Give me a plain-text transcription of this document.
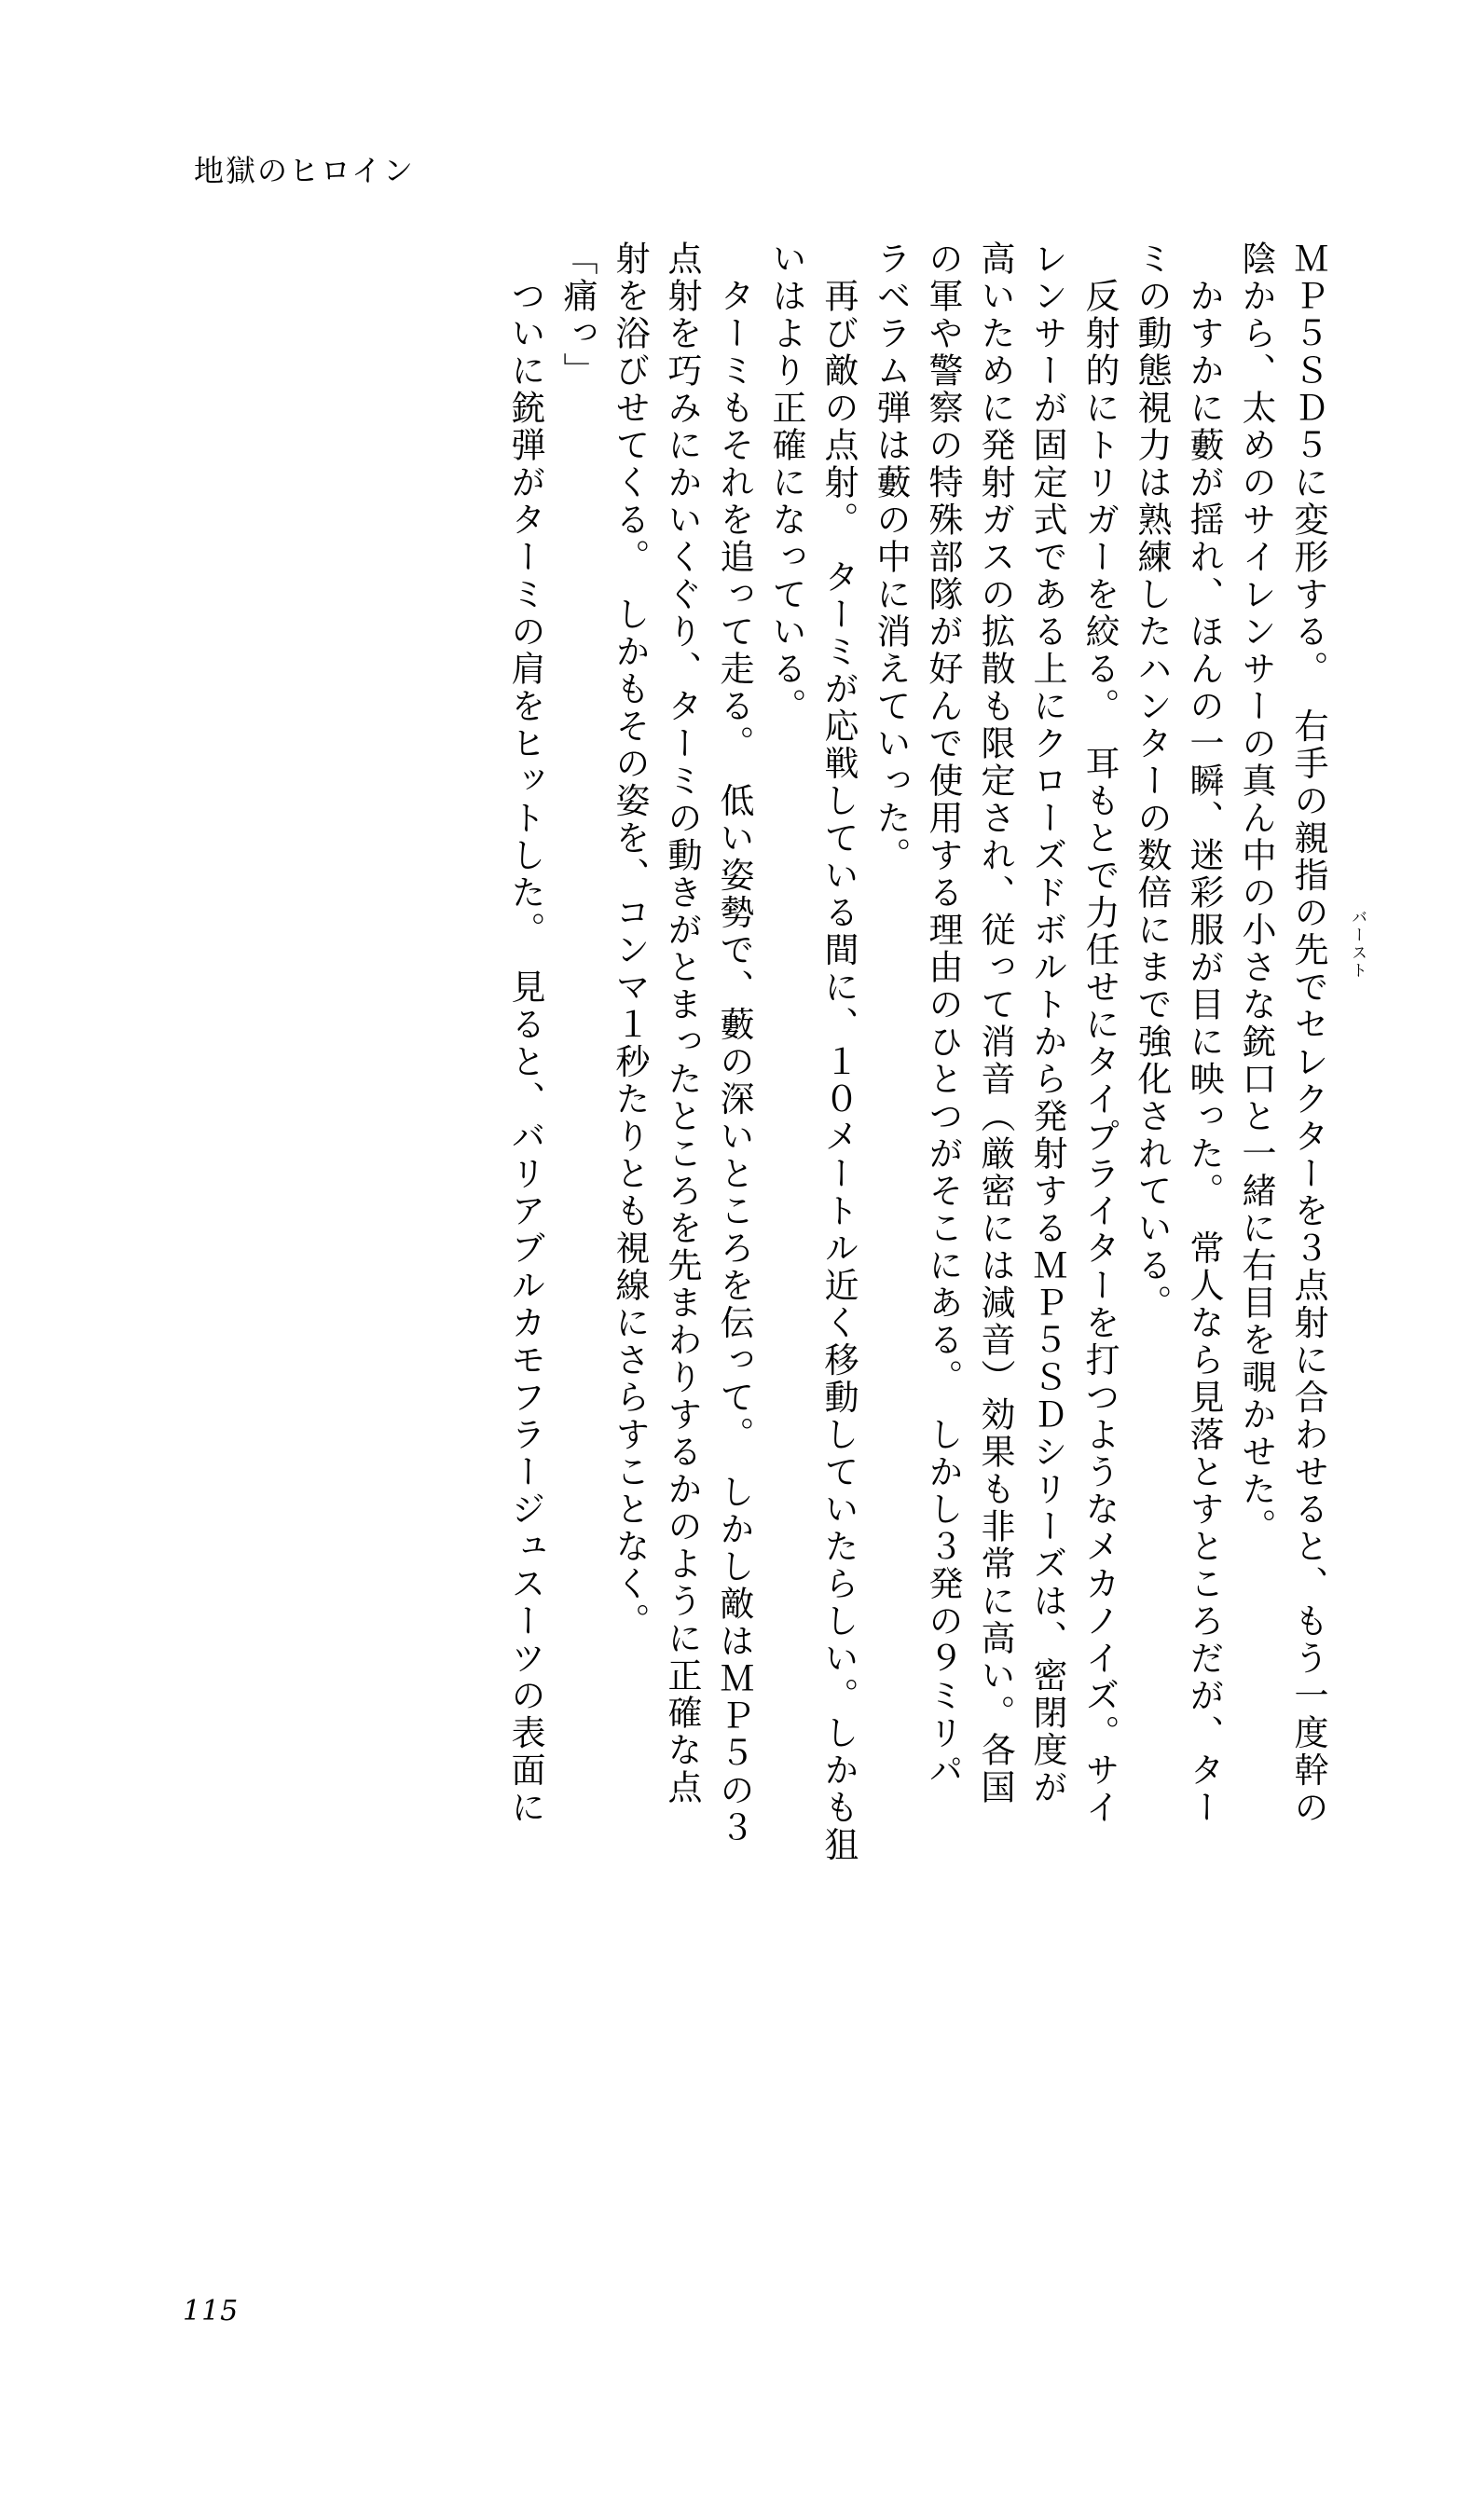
地獄のヒロイン
ＭＰ５ＳＤ５に変形する。　右手の親指の先でセレクターを３点射に合わせると、もう一度幹の
陰から、太めのサイレンサーの真ん中の小さな銃口と一緒に右目を覗かせた。
　かすかに藪が揺れ、ほんの一瞬、迷彩服が目に映った。　常人なら見落とすところだが、ター
ミの動態視力は熟練したハンターの数倍にまで強化されている。
　反射的にトリガーを絞る。　耳もとで力任せにタイプライターを打つようなメカノイズ。サイ
レンサーが固定式である上にクローズドボルトから発射するＭＰ５ＳＤシリーズは、密閉度が
高いために発射ガスの拡散も限定され、従って消音（厳密には減音）効果も非常に高い。各国
の軍や警察の特殊部隊が好んで使用する理由のひとつがそこにある。　しかし３発の９ミリパ
ラベラム弾は藪の中に消えていった。
　再び敵の点射。　ターミが応戦している間に、１０メートル近く移動していたらしい。しかも狙
いはより正確になっている。
　ターミもそれを追って走る。　低い姿勢で、藪の深いところを伝って。　しかし敵はＭＰ５の３
点射を巧みにかいくぐり、ターミの動きがとまったところを先まわりするかのように正確な点
射を浴びせてくる。　しかもその姿を、コンマ１秒たりとも視線にさらすことなく。
「痛っ」
　ついに銃弾がターミの肩をヒットした。　見ると、バリアブルカモフラージュスーツの表面に	バースト
115
